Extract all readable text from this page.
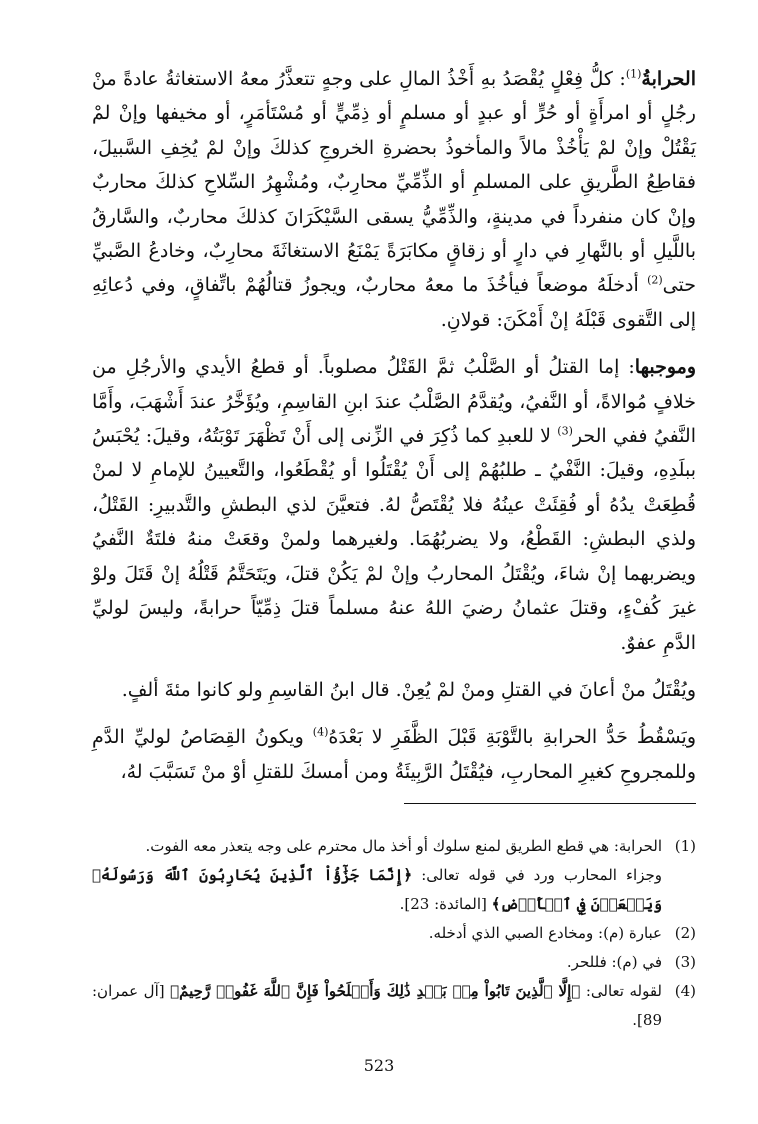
الحرابةُ$^{(1)}$: كلُّ فِعْلٍ يُقْصَدُ بهِ أَخْذُ المالِ على وجهٍ تتعذَّرُ معهُ الاستغاثةُ عادةً منْ رجُلٍ أو امرأَةٍ أو حُرٍّ أو عبدٍ أو مسلمٍ أو ذِمِّيٍّ أو مُسْتَأمَرٍ، أو مخيفها وإنْ لمْ يَقْتُلْ وإنْ لمْ يَأْخُذْ مالاً والمأخوذُ بحضرةِ الخروجِ كذلكَ وإنْ لمْ يُخِفِ السَّبيلَ، فقاطِعُ الطَّريقِ على المسلمِ أو الذِّمِّيِّ محارِبٌ، ومُشْهِرُ السِّلاحِ كذلكَ محاربٌ وإنْ كان منفرداً في مدينةٍ، والذِّمِّيُّ يسقى السَّيْكَرَانَ كذلكَ محاربٌ، والسَّارقُ باللَّيلِ أو بالنَّهارِ في دارٍ أو زقاقٍ مكابَرَةً يَمْنَعُ الاستغاثَةَ محارِبٌ، وخادعُ الصَّبيِّ حتى$^{(2)}$ أدخلَهُ موضعاً فيأخُذَ ما معهُ محاربٌ، ويجوزُ قتالُهُمْ باتِّفاقٍ، وفي دُعائِهِ إلى التَّقوى قَبْلَهُ إنْ أَمْكَنَ: قولانِ.

وموجبها: إما القتلُ أو الصَّلْبُ ثمَّ القَتْلُ مصلوباً. أو قطعُ الأيدي والأرجُلِ من خلافٍ مُوالاةً، أو النَّفيُ، ويُقدَّمُ الصَّلْبُ عندَ ابنِ القاسِمِ، ويُؤَخَّرُ عندَ أَشْهَبَ، وأَمَّا النَّفيُ ففي الحر$^{(3)}$ لا للعبدِ كما ذُكِرَ في الزِّنى إلى أَنْ تَظْهَرَ تَوْبَتُهُ، وقيلَ: يُحْبَسُ ببلَدِهِ، وقيلَ: النَّفْيُ ـ طلبُهُمْ إلى أَنْ يُقْتَلُوا أو يُقْطَعُوا، والتَّعيينُ للإمامِ لا لمنْ قُطِعَتْ يدُهُ أو فُقِئَتْ عينُهُ فلا يُقْتَصُّ لهُ. فتعيَّنَ لذي البطشِ والتَّدبيرِ: القَتْلُ، ولذي البطشِ: القَطْعُ، ولا يضربُهُمَا. ولغيرهما ولمنْ وقعَتْ منهُ فلتَةٌ النَّفيُ ويضربهما إنْ شاءَ، ويُقْتَلُ المحاربُ وإنْ لمْ يَكُنْ قتلَ، ويَتَحَتَّمُ قَتْلُهُ إنْ قَتَلَ ولوْ غيرَ كُفْءٍ، وقتلَ عثمانُ رضيَ اللهُ عنهُ مسلماً قتلَ ذِمِّيّاً حرابةً، وليسَ لوليِّ الدَّمِ عفوٌ.

ويُقْتَلُ منْ أعانَ في القتلِ ومنْ لمْ يُعِنْ. قال ابنُ القاسِمِ ولو كانوا مئةَ ألفٍ.

ويَسْقُطُ حَدُّ الحرابةِ بالتَّوْبَةِ قَبْلَ الظَّفَرِ لا بَعْدَهُ$^{(4)}$ ويكونُ القِصَاصُ لوليِّ الدَّمِ وللمجروحِ كغيرِ المحاربِ، فيُقْتَلُ الرَّبِيئَةُ ومن أمسكَ للقتلِ أوْ منْ تَسَبَّبَ لهُ،

(1)
الحرابة: هي قطع الطريق لمنع سلوك أو أخذ مال محترم على وجه يتعذر معه الفوت.
وجزاء المحارب ورد في قوله تعالى: ﴿إِنَّمَا جَزَٰٓؤُاْ ٱلَّذِينَ يُحَارِبُونَ ٱللَّهَ وَرَسُولَهُۥ وَيَسۡعَوۡنَ فِي ٱلۡأَرۡضِ﴾ [المائدة: 23].
(2)
عبارة (م): ومخادع الصبي الذي أدخله.
(3)
في (م): فللحر.
(4)
لقوله تعالى: ﴿إِلَّا ٱلَّذِينَ تَابُواْ مِنۢ بَعۡدِ ذَٰلِكَ وَأَصۡلَحُواْ فَإِنَّ ٱللَّهَ غَفُورٞ رَّحِيمٌ﴾ [آل عمران: 89].
523
